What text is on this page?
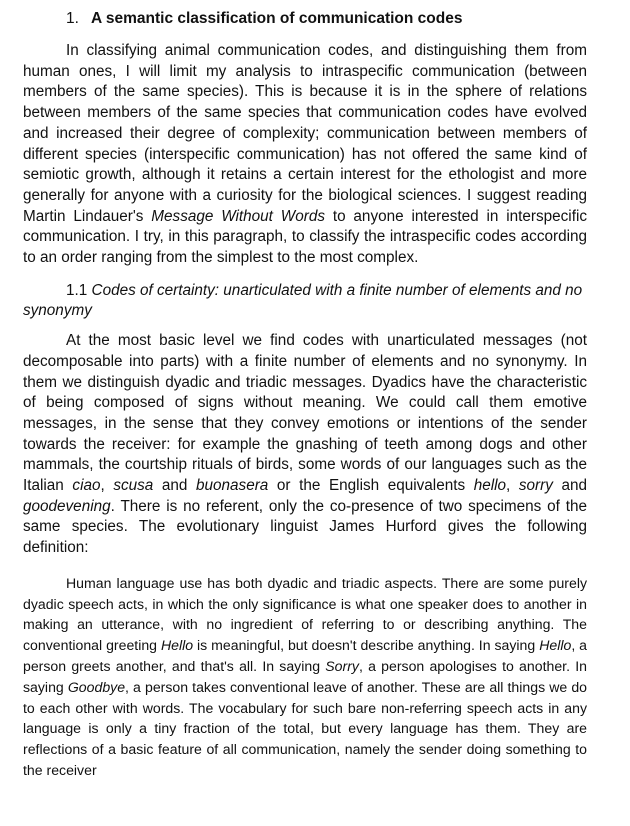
1. A semantic classification of communication codes

In classifying animal communication codes, and distinguishing them from human ones, I will limit my analysis to intraspecific communication (between members of the same species). This is because it is in the sphere of relations between members of the same species that communication codes have evolved and increased their degree of complexity; communication between members of different species (interspecific communication) has not offered the same kind of semiotic growth, although it retains a certain interest for the ethologist and more generally for anyone with a curiosity for the biological sciences. I suggest reading Martin Lindauer's Message Without Words to anyone interested in interspecific communication. I try, in this paragraph, to classify the intraspecific codes according to an order ranging from the simplest to the most complex.

1.1 Codes of certainty: unarticulated with a finite number of elements and no synonymy

At the most basic level we find codes with unarticulated messages (not decomposable into parts) with a finite number of elements and no synonymy. In them we distinguish dyadic and triadic messages. Dyadics have the characteristic of being composed of signs without meaning. We could call them emotive messages, in the sense that they convey emotions or intentions of the sender towards the receiver: for example the gnashing of teeth among dogs and other mammals, the courtship rituals of birds, some words of our languages such as the Italian ciao, scusa and buonasera or the English equivalents hello, sorry and goodevening. There is no referent, only the co-presence of two specimens of the same species. The evolutionary linguist James Hurford gives the following definition:

Human language use has both dyadic and triadic aspects. There are some purely dyadic speech acts, in which the only significance is what one speaker does to another in making an utterance, with no ingredient of referring to or describing anything. The conventional greeting Hello is meaningful, but doesn't describe anything. In saying Hello, a person greets another, and that's all. In saying Sorry, a person apologises to another. In saying Goodbye, a person takes conventional leave of another. These are all things we do to each other with words. The vocabulary for such bare non-referring speech acts in any language is only a tiny fraction of the total, but every language has them. They are reflections of a basic feature of all communication, namely the sender doing something to the receiver
